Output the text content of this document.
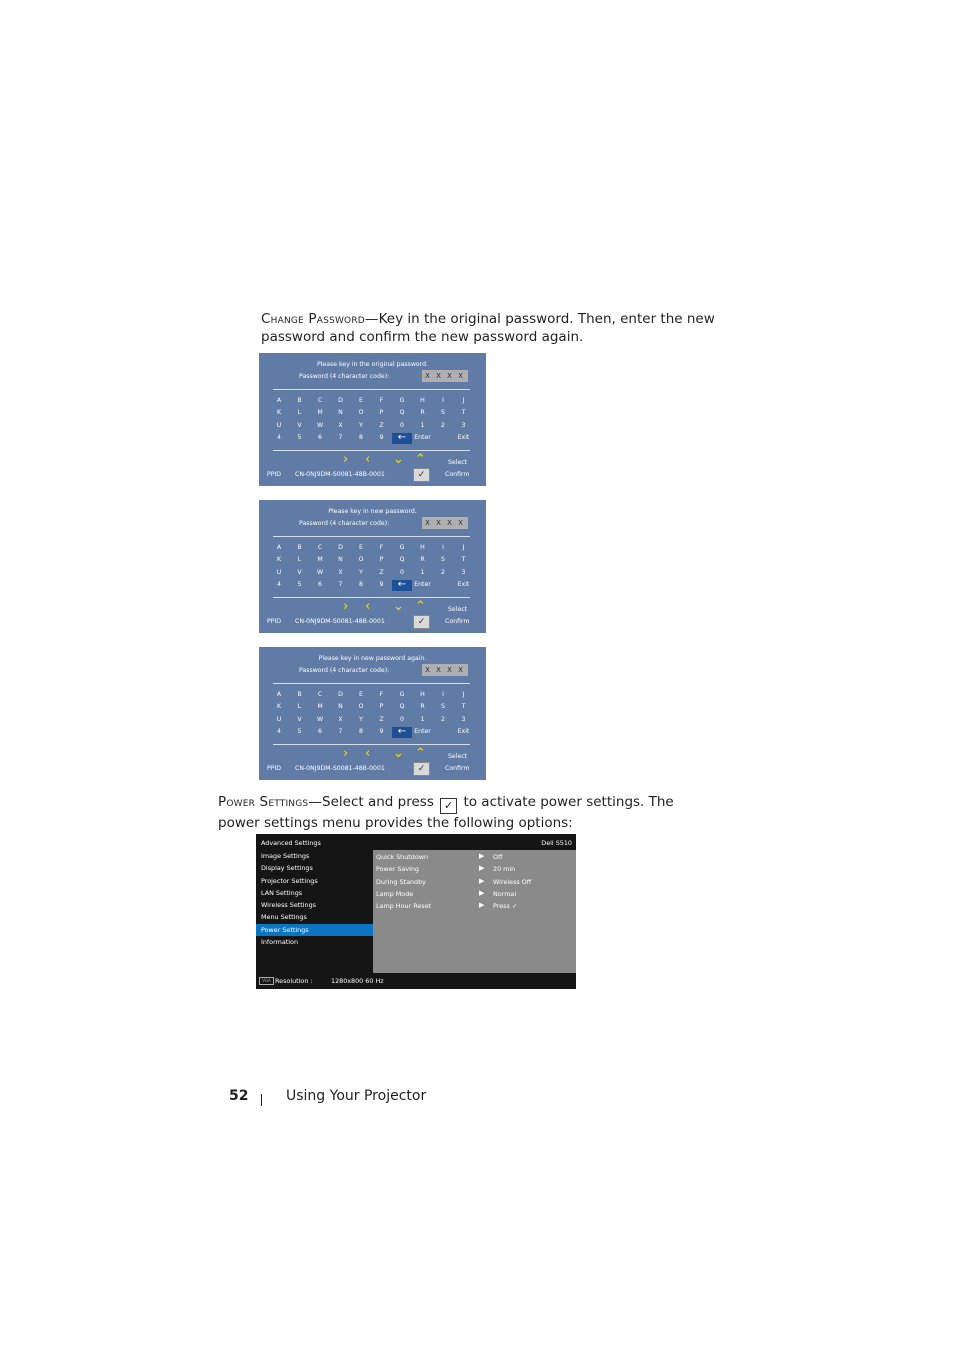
Change Password—Key in the original password. Then, enter the new password and confirm the new password again.
Please key in the original password.
Password (4 character code):	X X X X
A	B	C	D	E	F	G	H	I	J
K	L	M	N	O	P	Q	R	S	T
U	V	W	X	Y	Z	0	1	2	3
4	5	6	7	8	9	←	Enter	Exit
› ‹ ⌄ ⌃	Select
PPID CN-0NJ9DM-S0081-48B-0001	✓	Confirm
Please key in new password.
Password (4 character code):	X X X X
A	B	C	D	E	F	G	H	I	J
K	L	M	N	O	P	Q	R	S	T
U	V	W	X	Y	Z	0	1	2	3
4	5	6	7	8	9	←	Enter	Exit
› ‹ ⌄ ⌃	Select
PPID CN-0NJ9DM-S0081-48B-0001	✓	Confirm
Please key in new password again.
Password (4 character code):	X X X X
A	B	C	D	E	F	G	H	I	J
K	L	M	N	O	P	Q	R	S	T
U	V	W	X	Y	Z	0	1	2	3
4	5	6	7	8	9	←	Enter	Exit
› ‹ ⌄ ⌃	Select
PPID CN-0NJ9DM-S0081-48B-0001	✓	Confirm
Power Settings—Select and press ✓ to activate power settings. The power settings menu provides the following options:
Advanced Settings	Dell S510
Image Settings
Display Settings
Projector Settings
LAN Settings
Wireless Settings
Menu Settings
Power Settings
Information
Quick Shutdown	▶ Off
Power Saving	▶ 20 min
During Standby	▶ Wireless Off
Lamp Mode	▶ Normal
Lamp Hour Reset	▶ Press ✓
VGA Resolution :	1280x800 60 Hz
52	Using Your Projector
